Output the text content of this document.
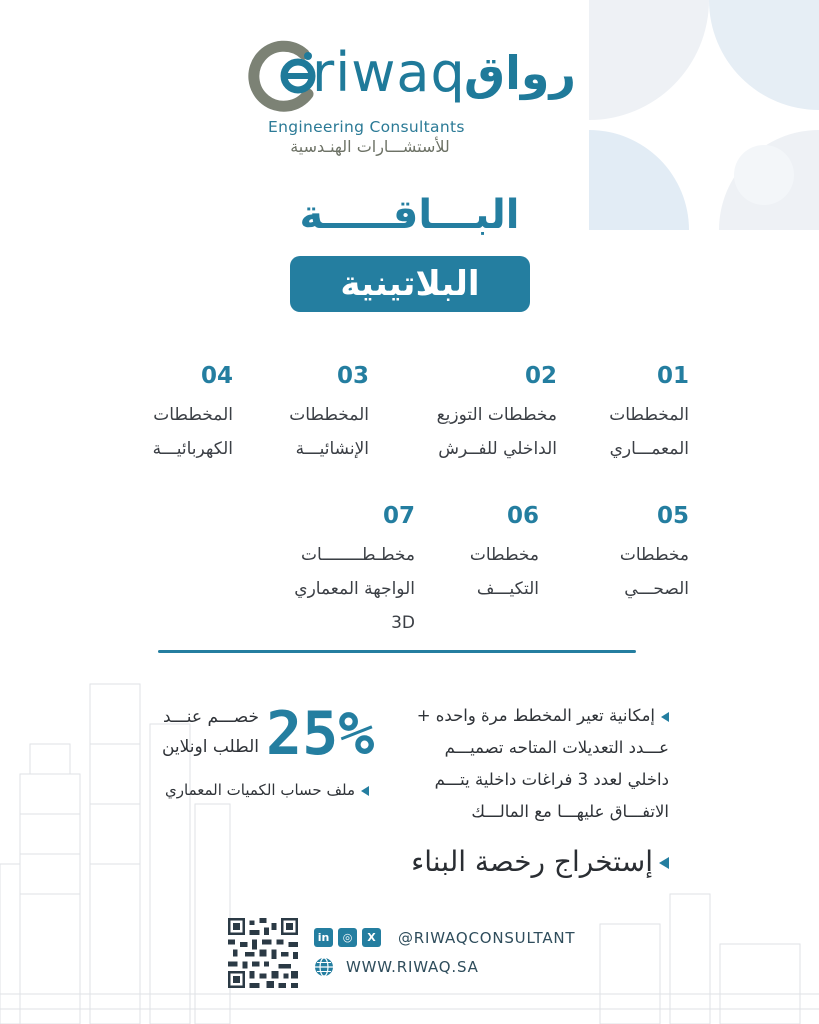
riwaq
رواق
Engineering Consultants
للأستشـــارات الهنـدسية
البـــاقـــــة
البلاتينية
01
المخططات
المعمـــاري
02
مخططات التوزيع
الداخلي للفــرش
03
المخططات
الإنشائيـــة
04
المخططات
الكهربائيـــة
05
مخططات
الصحـــي
06
مخططات
التكيـــف
07
مخطـطــــــــات
الواجهة المعماري
3D
25%
خصـــم عنـــد
الطلب اونلاين
ملف حساب الكميات المعماري
إمكانية تعير المخطط مرة واحده +
عـــدد التعديلات المتاحه تصميـــم
داخلي لعدد 3 فراغات داخلية يتـــم
الاتفـــاق عليهـــا مع المالـــك
إستخراج رخصة البناء
in	◎	X	@RIWAQCONSULTANT
WWW.RIWAQ.SA
